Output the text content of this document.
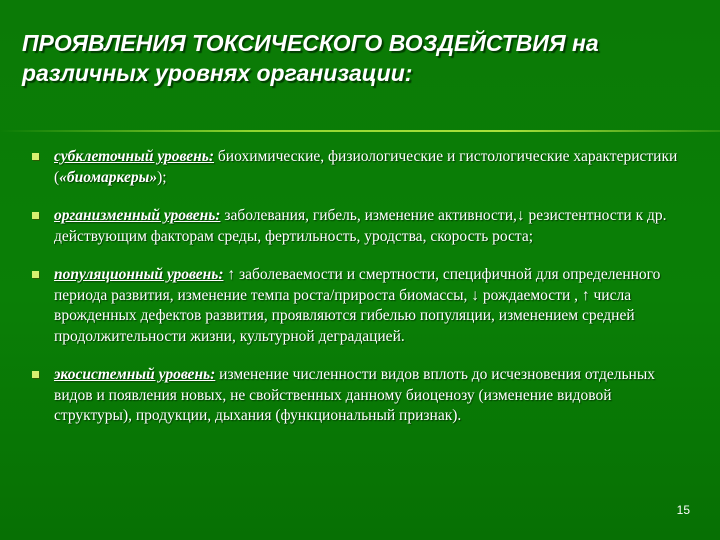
ПРОЯВЛЕНИЯ ТОКСИЧЕСКОГО ВОЗДЕЙСТВИЯ на различных уровнях организации:
субклеточный уровень: биохимические, физиологические и гистологические характеристики («биомаркеры»);
организменный уровень: заболевания, гибель, изменение активности,↓ резистентности к др. действующим факторам среды, фертильность, уродства, скорость роста;
популяционный уровень: ↑ заболеваемости и смертности, специфичной для определенного периода развития, изменение темпа роста/прироста биомассы, ↓ рождаемости , ↑ числа врожденных дефектов развития, проявляются гибелью популяции, изменением средней продолжительности жизни, культурной деградацией.
экосистемный уровень: изменение численности видов вплоть до исчезновения отдельных видов и появления новых, не свойственных данному биоценозу (изменение видовой структуры), продукции, дыхания (функциональный признак).
15
